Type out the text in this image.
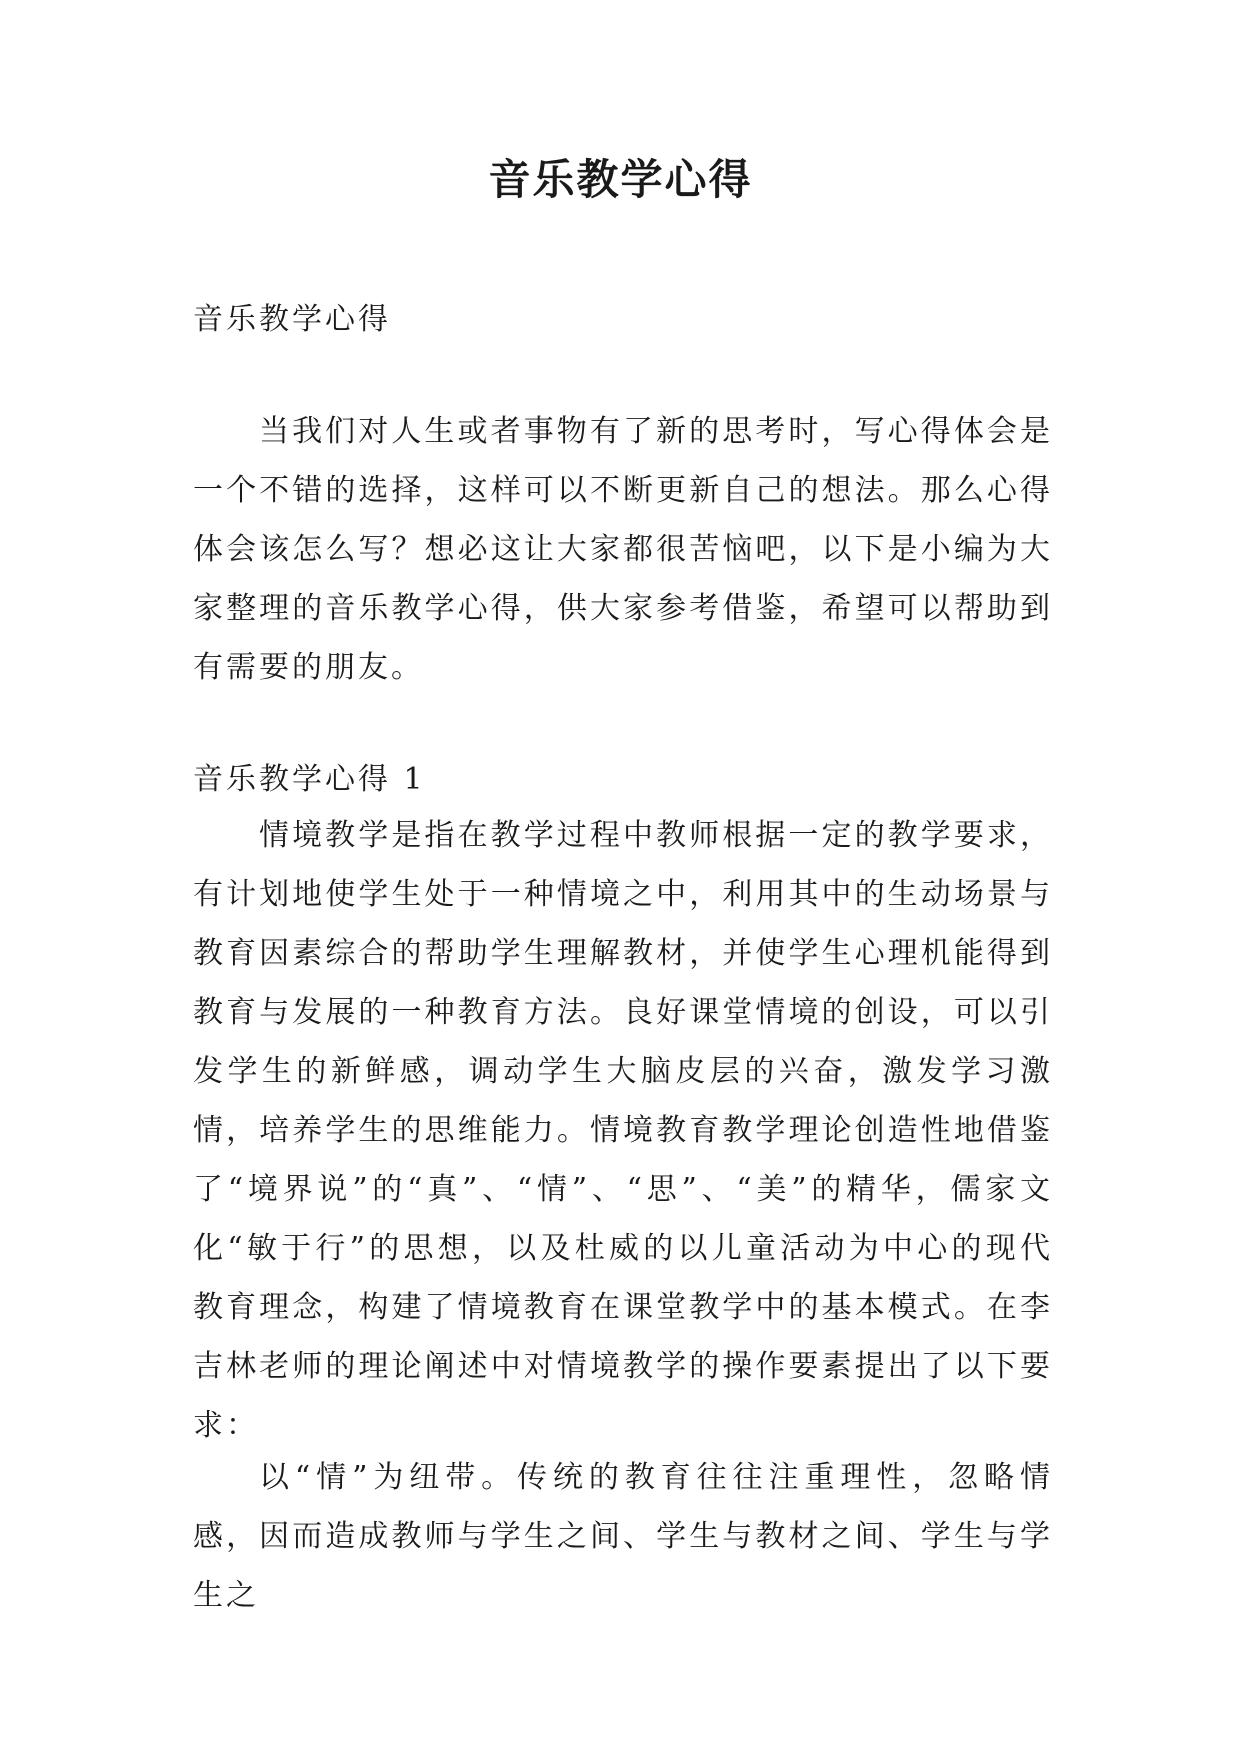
音乐教学心得

音乐教学心得

当我们对人生或者事物有了新的思考时，写心得体会是一个不错的选择，这样可以不断更新自己的想法。那么心得体会该怎么写？想必这让大家都很苦恼吧，以下是小编为大家整理的音乐教学心得，供大家参考借鉴，希望可以帮助到有需要的朋友。

音乐教学心得 1

情境教学是指在教学过程中教师根据一定的教学要求，有计划地使学生处于一种情境之中，利用其中的生动场景与教育因素综合的帮助学生理解教材，并使学生心理机能得到教育与发展的一种教育方法。良好课堂情境的创设，可以引发学生的新鲜感，调动学生大脑皮层的兴奋，激发学习激情，培养学生的思维能力。情境教育教学理论创造性地借鉴了“境界说”的“真”、“情”、“思”、“美”的精华，儒家文化“敏于行”的思想，以及杜威的以儿童活动为中心的现代教育理念，构建了情境教育在课堂教学中的基本模式。在李吉林老师的理论阐述中对情境教学的操作要素提出了以下要求：

以“情”为纽带。传统的教育往往注重理性，忽略情感，因而造成教师与学生之间、学生与教材之间、学生与学生之
